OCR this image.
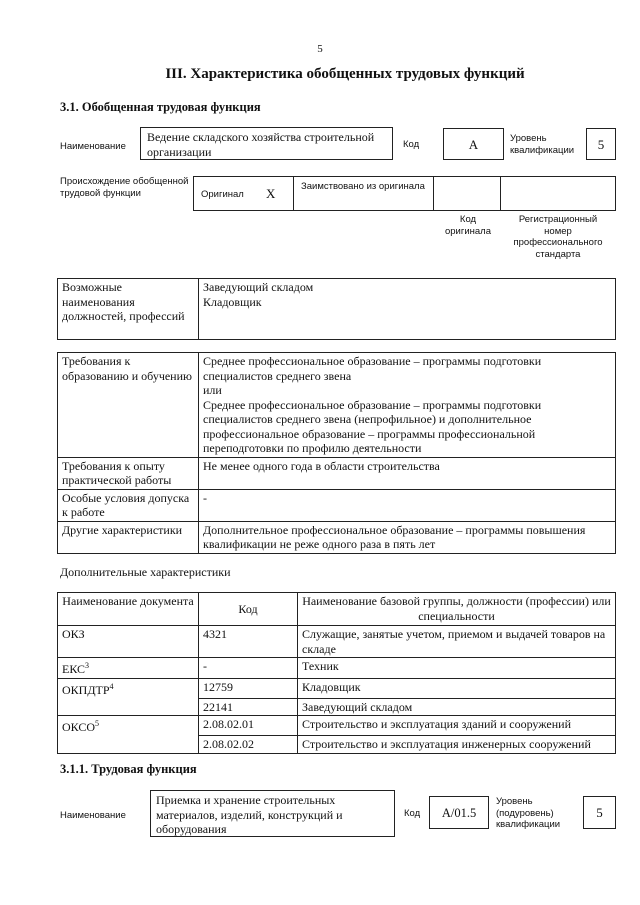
5
III. Характеристика обобщенных трудовых функций
3.1. Обобщенная трудовая функция
Наименование
Ведение складского хозяйства строительной организации	Код	A	Уровень квалификации	5
Происхождение обобщенной трудовой функции	Оригинал X	Заимствовано из оригинала
Код оригинала
Регистрационный номер профессионального стандарта
Возможные наименования должностей, профессий	
Заведующий складом
Кладовщик
Требования к образованию и обучению	Среднее профессиональное образование – программы подготовки специалистов среднего звена
или
Среднее профессиональное образование – программы подготовки специалистов среднего звена (непрофильное) и дополнительное профессиональное образование – программы профессиональной переподготовки по профилю деятельности

Требования к опыту практической работы	Не менее одного года в области строительства
Особые условия допуска к работе	-
Другие характеристики	Дополнительное профессиональное образование – программы повышения квалификации не реже одного раза в пять лет
Дополнительные характеристики
Наименование документа	Код	Наименование базовой группы, должности (профессии) или специальности
ОКЗ	4321	Служащие, занятые учетом, приемом и выдачей товаров на складе
ЕКС$^3$	-	Техник
ОКПДТР$^4$	12759	Кладовщик
	22141	Заведующий складом
ОКСО$^5$	2.08.02.01	Строительство и эксплуатация зданий и сооружений
	2.08.02.02	Строительство и эксплуатация инженерных сооружений
3.1.1. Трудовая функция
Наименование
Приемка и хранение строительных материалов, изделий, конструкций и оборудования
Код	A/01.5
Уровень (подуровень) квалификации
5
